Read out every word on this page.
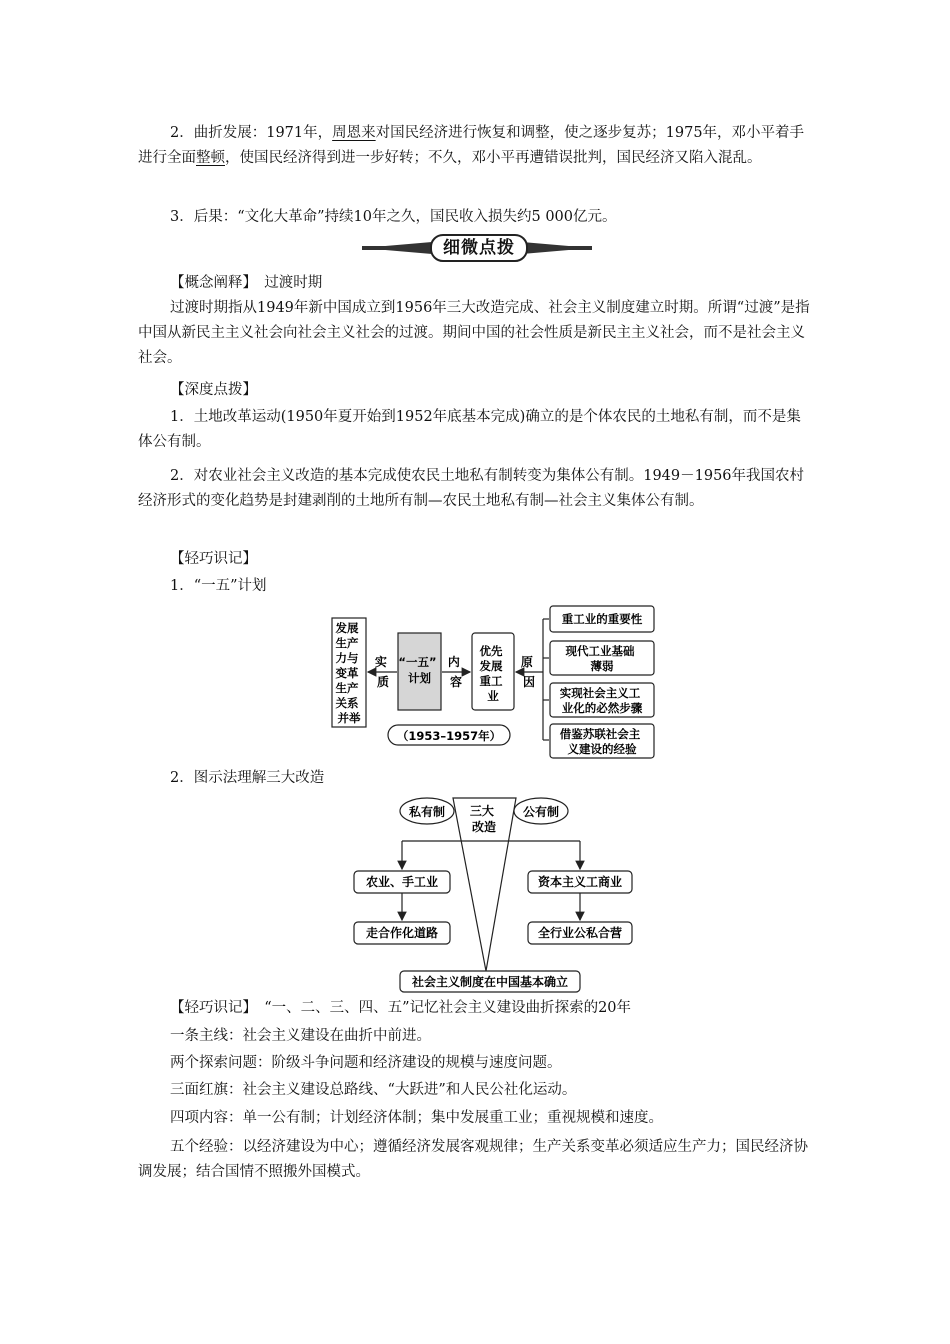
2．曲折发展：1971年，周恩来对国民经济进行恢复和调整，使之逐步复苏；1975年，邓小平着手进行全面整顿，使国民经济得到进一步好转；不久，邓小平再遭错误批判，国民经济又陷入混乱。

3．后果：“文化大革命”持续10年之久，国民收入损失约5 000亿元。

细微点拨

【概念阐释】　过渡时期

过渡时期指从1949年新中国成立到1956年三大改造完成、社会主义制度建立时期。所谓“过渡”是指中国从新民主主义社会向社会主义社会的过渡。期间中国的社会性质是新民主主义社会，而不是社会主义社会。

【深度点拨】

1．土地改革运动(1950年夏开始到1952年底基本完成)确立的是个体农民的土地私有制，而不是集体公有制。

2．对农业社会主义改造的基本完成使农民土地私有制转变为集体公有制。1949－1956年我国农村经济形式的变化趋势是封建剥削的土地所有制—农民土地私有制—社会主义集体公有制。

【轻巧识记】

1．“一五”计划

发展 生产 力与 变革 生产 关系 并举
实 质
“一五” 计划
内 容
优先 发展 重工 业
原 因
重工业的重要性
现代工业基础 薄弱
实现社会主义工 业化的必然步骤
借鉴苏联社会主 义建设的经验
（1953–1957年）

2．图示法理解三大改造

三大 改造
私有制	公有制
农业、手工业	资本主义工商业
走合作化道路	全行业公私合营
社会主义制度在中国基本确立

【轻巧识记】　“一、二、三、四、五”记忆社会主义建设曲折探索的20年

一条主线：社会主义建设在曲折中前进。

两个探索问题：阶级斗争问题和经济建设的规模与速度问题。

三面红旗：社会主义建设总路线、“大跃进”和人民公社化运动。

四项内容：单一公有制；计划经济体制；集中发展重工业；重视规模和速度。

五个经验：以经济建设为中心；遵循经济发展客观规律；生产关系变革必须适应生产力；国民经济协调发展；结合国情不照搬外国模式。
